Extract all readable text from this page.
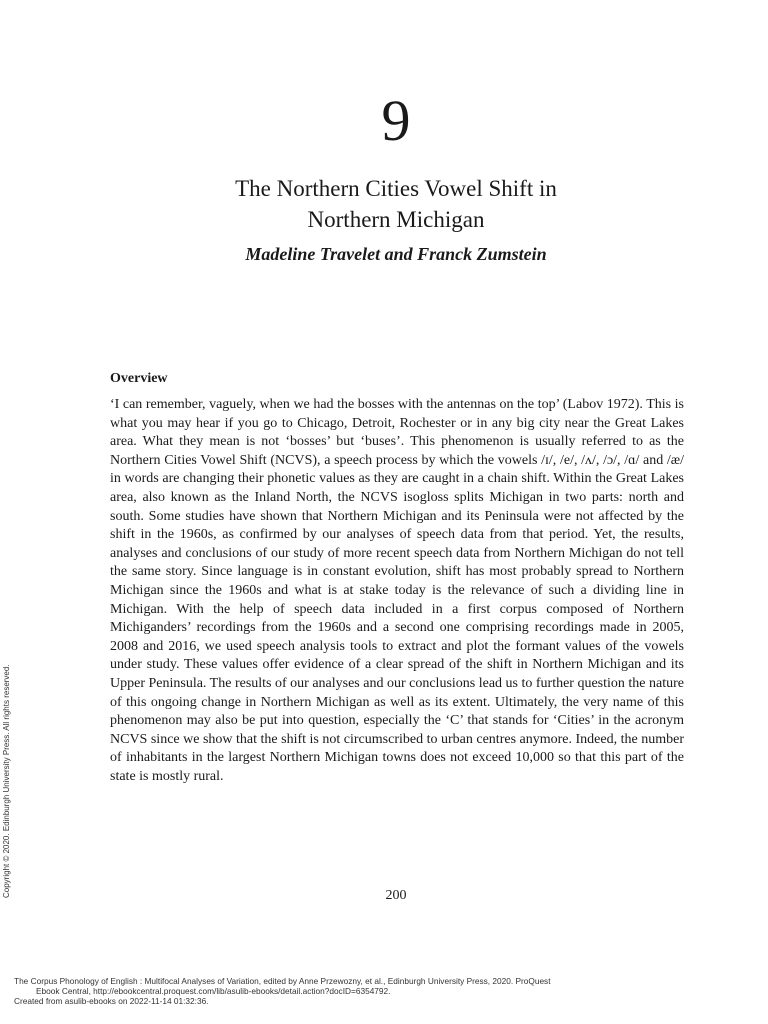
9
The Northern Cities Vowel Shift in
Northern Michigan
Madeline Travelet and Franck Zumstein
Overview

‘I can remember, vaguely, when we had the bosses with the antennas on the top’ (Labov 1972). This is what you may hear if you go to Chicago, Detroit, Rochester or in any big city near the Great Lakes area. What they mean is not ‘bosses’ but ‘buses’. This phenomenon is usually referred to as the Northern Cities Vowel Shift (NCVS), a speech process by which the vowels /ɪ/, /e/, /ʌ/, /ɔ/, /ɑ/ and /æ/ in words are changing their phonetic values as they are caught in a chain shift. Within the Great Lakes area, also known as the Inland North, the NCVS isogloss splits Michigan in two parts: north and south. Some studies have shown that Northern Michigan and its Peninsula were not affected by the shift in the 1960s, as confirmed by our analyses of speech data from that period. Yet, the results, analyses and conclusions of our study of more recent speech data from Northern Michigan do not tell the same story. Since language is in constant evolution, shift has most probably spread to Northern Michigan since the 1960s and what is at stake today is the relevance of such a dividing line in Michigan. With the help of speech data included in a first corpus composed of Northern Michiganders’ recordings from the 1960s and a second one comprising recordings made in 2005, 2008 and 2016, we used speech analysis tools to extract and plot the formant values of the vowels under study. These values offer evidence of a clear spread of the shift in Northern Michigan and its Upper Peninsula. The results of our analyses and our conclusions lead us to further question the nature of this ongoing change in Northern Michigan as well as its extent. Ultimately, the very name of this phenomenon may also be put into question, especially the ‘C’ that stands for ‘Cities’ in the acronym NCVS since we show that the shift is not circumscribed to urban centres anymore. Indeed, the number of inhabitants in the largest Northern Michigan towns does not exceed 10,000 so that this part of the state is mostly rural.

200
Copyright © 2020. Edinburgh University Press. All rights reserved.
The Corpus Phonology of English : Multifocal Analyses of Variation, edited by Anne Przewozny, et al., Edinburgh University Press, 2020. ProQuest
Ebook Central, http://ebookcentral.proquest.com/lib/asulib-ebooks/detail.action?docID=6354792.
Created from asulib-ebooks on 2022-11-14 01:32:36.
